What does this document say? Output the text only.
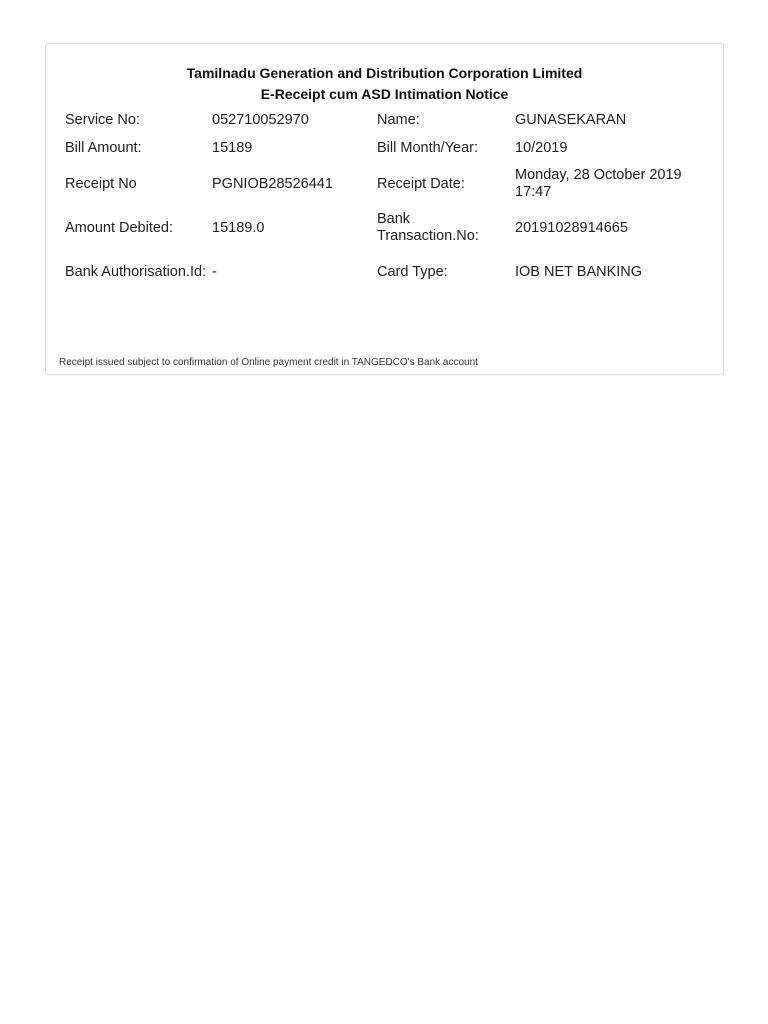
Tamilnadu Generation and Distribution Corporation Limited
E-Receipt cum ASD Intimation Notice
Service No:	052710052970	Name:	GUNASEKARAN
Bill Amount:	15189	Bill Month/Year:	10/2019
Receipt No	PGNIOB28526441	Receipt Date:	Monday, 28 October 2019 17:47
Amount Debited:	15189.0	Bank Transaction.No:	20191028914665
Bank Authorisation.Id:	-	Card Type:	IOB NET BANKING
Receipt issued subject to confirmation of Online payment credit in TANGEDCO's Bank account
